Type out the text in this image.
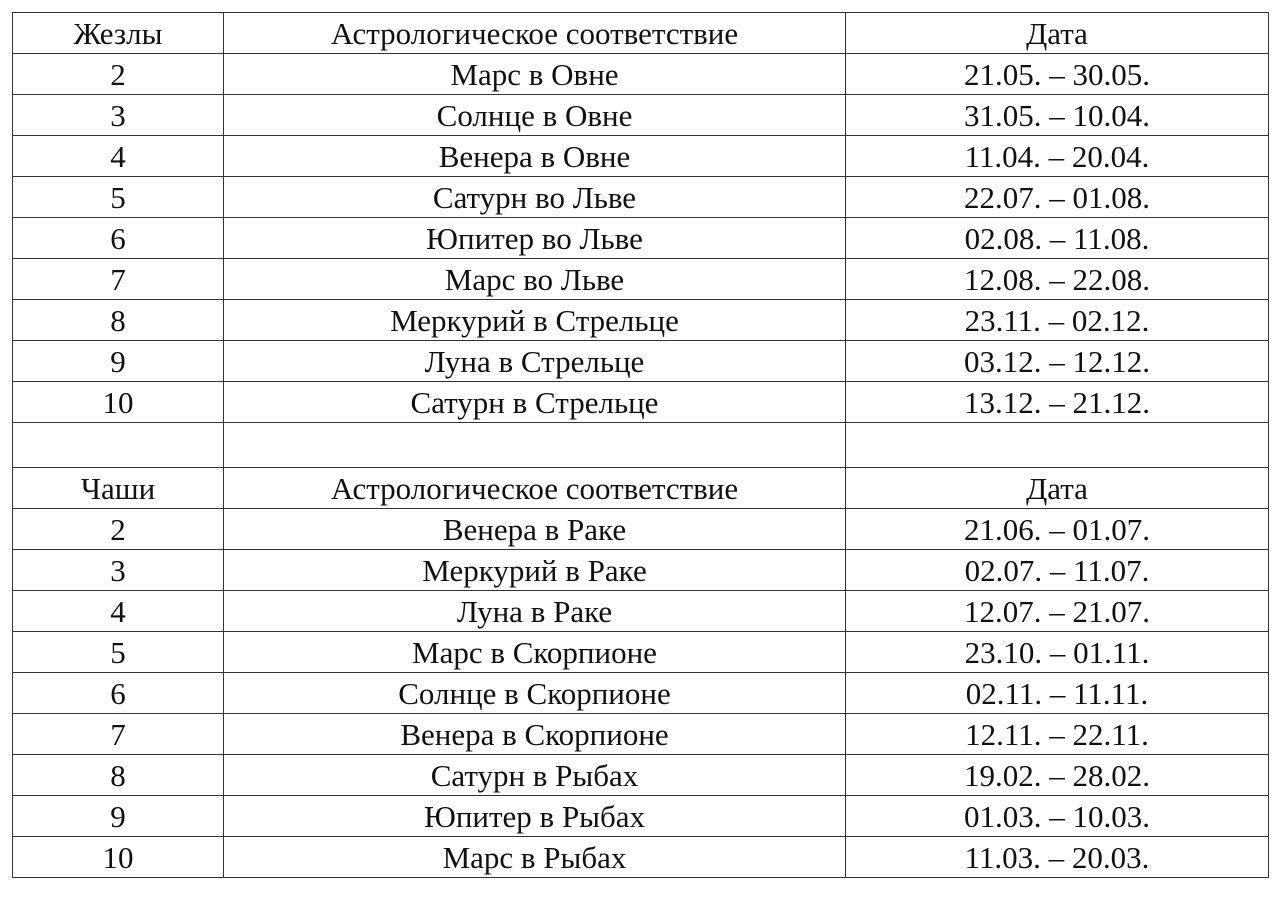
Жезлы	Астрологическое соответствие	Дата
2	Марс в Овне	21.05. – 30.05.
3	Солнце в Овне	31.05. – 10.04.
4	Венера в Овне	11.04. – 20.04.
5	Сатурн во Льве	22.07. – 01.08.
6	Юпитер во Льве	02.08. – 11.08.
7	Марс во Льве	12.08. – 22.08.
8	Меркурий в Стрельце	23.11. – 02.12.
9	Луна в Стрельце	03.12. – 12.12.
10	Сатурн в Стрельце	13.12. – 21.12.

Чаши	Астрологическое соответствие	Дата
2	Венера в Раке	21.06. – 01.07.
3	Меркурий в Раке	02.07. – 11.07.
4	Луна в Раке	12.07. – 21.07.
5	Марс в Скорпионе	23.10. – 01.11.
6	Солнце в Скорпионе	02.11. – 11.11.
7	Венера в Скорпионе	12.11. – 22.11.
8	Сатурн в Рыбах	19.02. – 28.02.
9	Юпитер в Рыбах	01.03. – 10.03.
10	Марс в Рыбах	11.03. – 20.03.
